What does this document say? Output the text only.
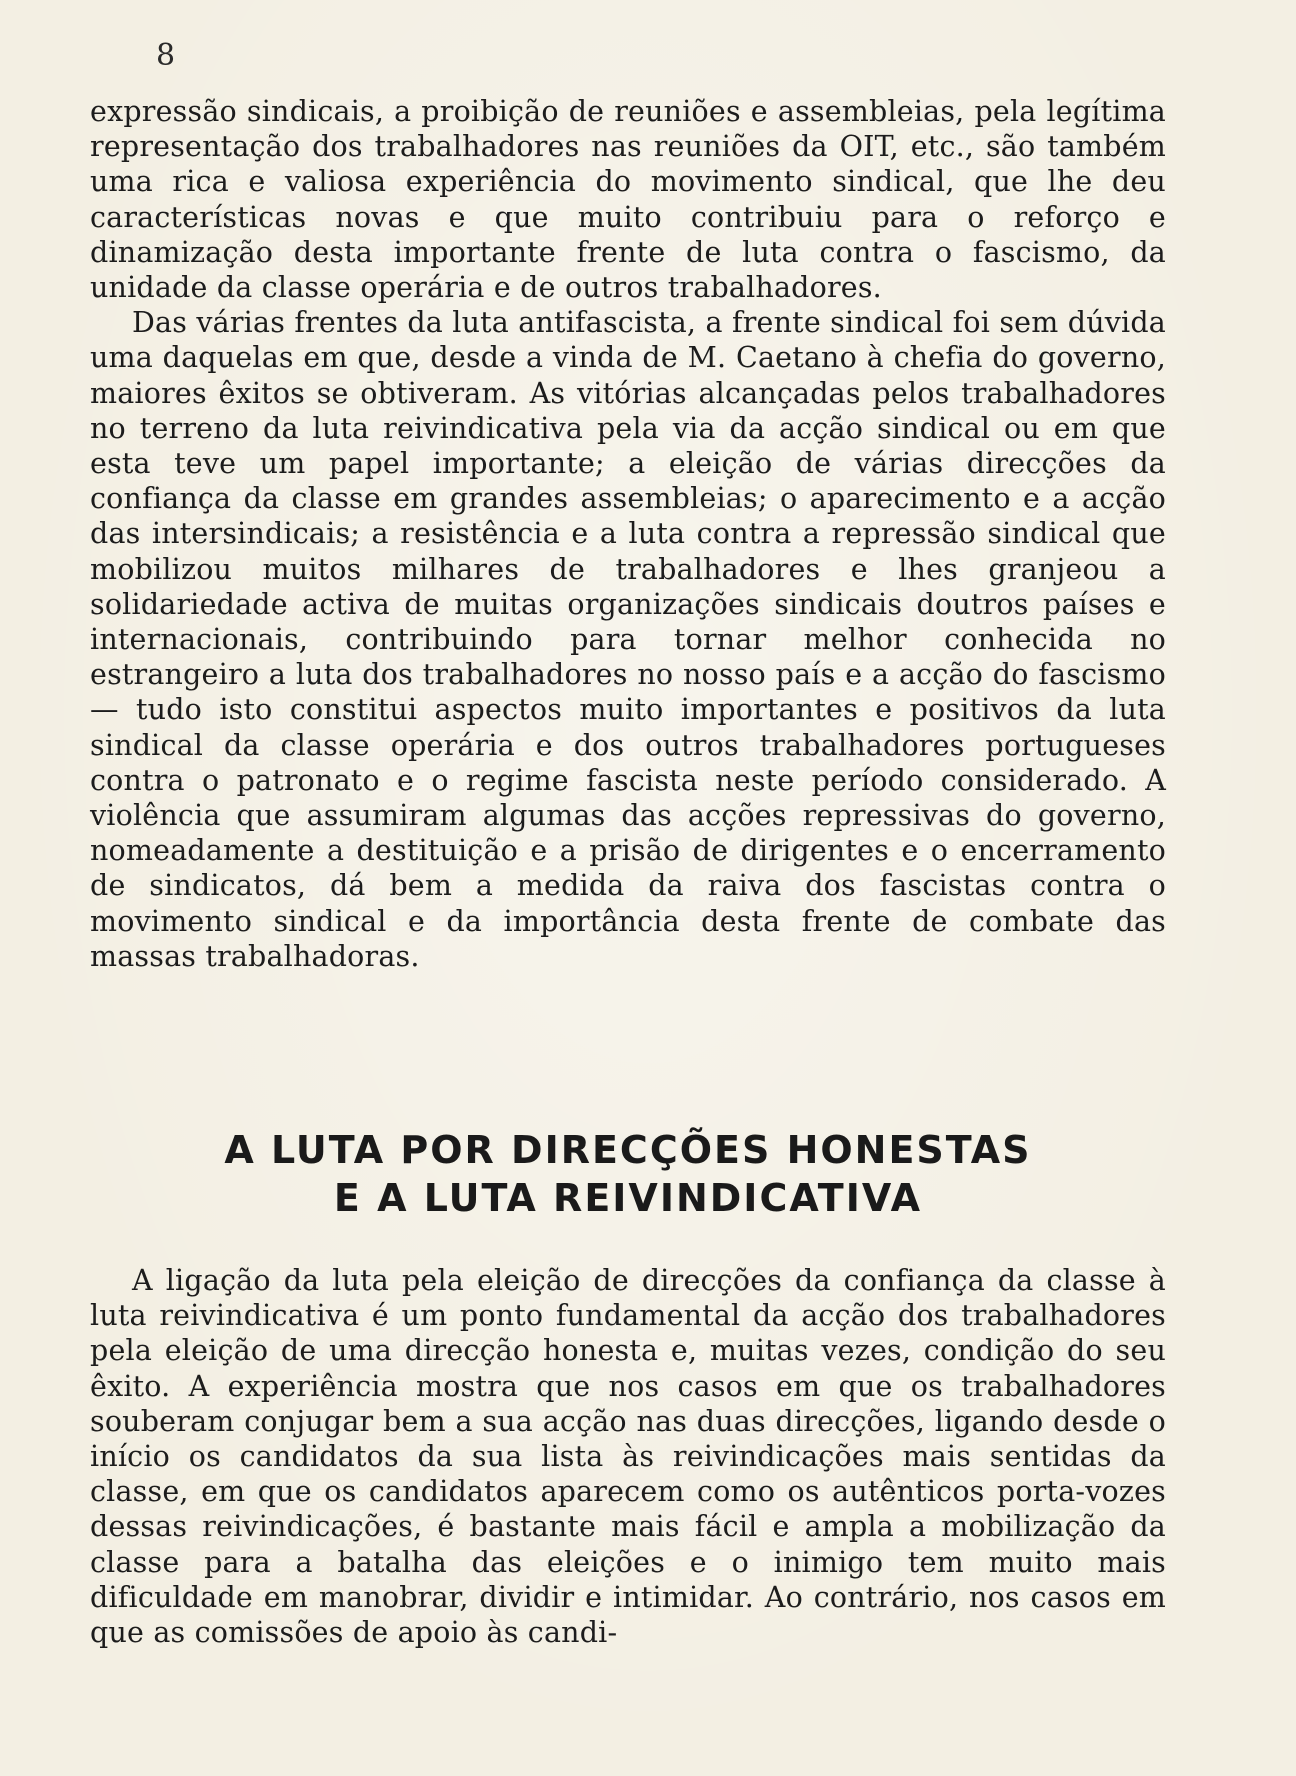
8

expressão sindicais, a proibição de reuniões e assembleias, pela legítima representação dos trabalhadores nas reuniões da OIT, etc., são também uma rica e valiosa experiência do movimento sindical, que lhe deu características novas e que muito contribuiu para o reforço e dinamização desta importante frente de luta contra o fascismo, da unidade da classe operária e de outros trabalhadores.

Das várias frentes da luta antifascista, a frente sindical foi sem dúvida uma daquelas em que, desde a vinda de M. Caetano à chefia do governo, maiores êxitos se obtiveram. As vitórias alcançadas pelos trabalhadores no terreno da luta reivindicativa pela via da acção sindical ou em que esta teve um papel importante; a eleição de várias direcções da confiança da classe em grandes assembleias; o aparecimento e a acção das intersindicais; a resistência e a luta contra a repressão sindical que mobilizou muitos milhares de trabalhadores e lhes granjeou a solidariedade activa de muitas organizações sindicais doutros países e internacionais, contribuindo para tornar melhor conhecida no estrangeiro a luta dos trabalhadores no nosso país e a acção do fascismo — tudo isto constitui aspectos muito importantes e positivos da luta sindical da classe operária e dos outros trabalhadores portugueses contra o patronato e o regime fascista neste período considerado. A violência que assumiram algumas das acções repressivas do governo, nomeadamente a destituição e a prisão de dirigentes e o encerramento de sindicatos, dá bem a medida da raiva dos fascistas contra o movimento sindical e da importância desta frente de combate das massas trabalhadoras.

A LUTA POR DIRECÇÕES HONESTAS
E A LUTA REIVINDICATIVA

A ligação da luta pela eleição de direcções da confiança da classe à luta reivindicativa é um ponto fundamental da acção dos trabalhadores pela eleição de uma direcção honesta e, muitas vezes, condição do seu êxito. A experiência mostra que nos casos em que os trabalhadores souberam conjugar bem a sua acção nas duas direcções, ligando desde o início os candidatos da sua lista às reivindicações mais sentidas da classe, em que os candidatos aparecem como os autênticos porta-vozes dessas reivindicações, é bastante mais fácil e ampla a mobilização da classe para a batalha das eleições e o inimigo tem muito mais dificuldade em manobrar, dividir e intimidar. Ao contrário, nos casos em que as comissões de apoio às candi-
